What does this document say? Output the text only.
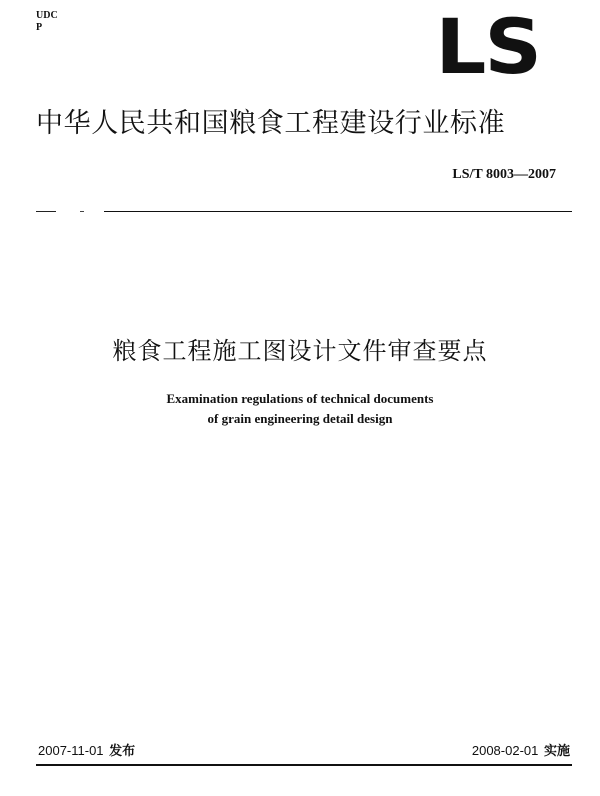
UDC
P	LS
中华人民共和国粮食工程建设行业标准
LS/T 8003—2007
粮食工程施工图设计文件审查要点
Examination regulations of technical documents
of grain engineering detail design
2007-11-01 发布	2008-02-01 实施
